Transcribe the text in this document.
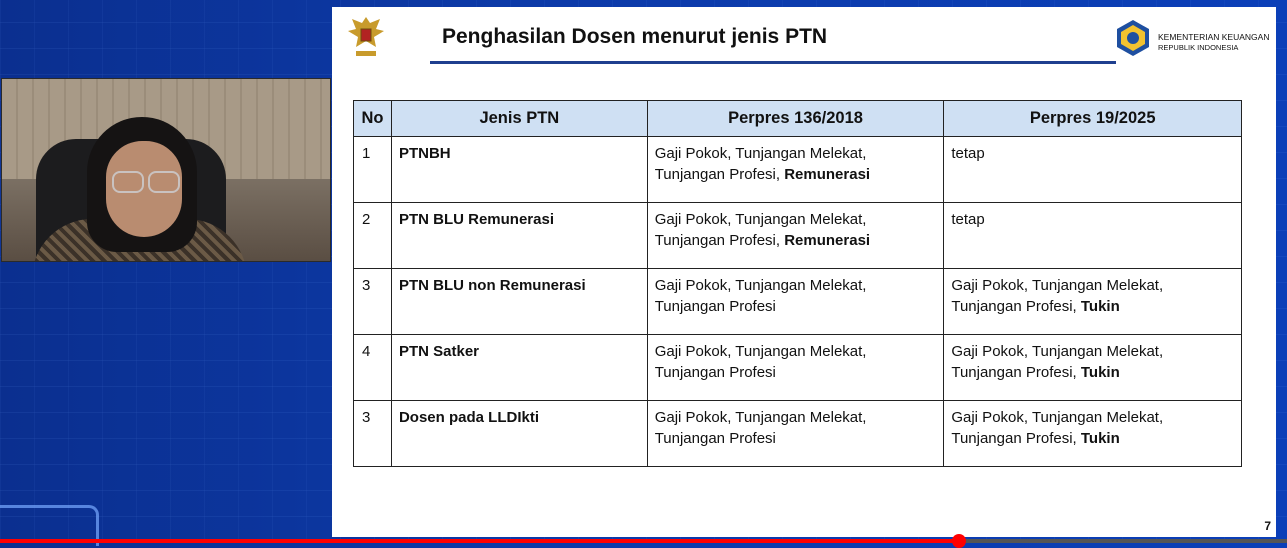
Penghasilan Dosen menurut jenis PTN	KEMENTERIAN KEUANGAN
REPUBLIK INDONESIA
No	Jenis PTN	Perpres 136/2018	Perpres 19/2025
1	PTNBH	Gaji Pokok, Tunjangan Melekat,
Tunjangan Profesi, Remunerasi	tetap
2	PTN BLU Remunerasi	Gaji Pokok, Tunjangan Melekat,
Tunjangan Profesi, Remunerasi	tetap
3	PTN BLU non Remunerasi	Gaji Pokok, Tunjangan Melekat,
Tunjangan Profesi	Gaji Pokok, Tunjangan Melekat,
Tunjangan Profesi, Tukin
4	PTN Satker	Gaji Pokok, Tunjangan Melekat,
Tunjangan Profesi	Gaji Pokok, Tunjangan Melekat,
Tunjangan Profesi, Tukin
3	Dosen pada LLDIkti	Gaji Pokok, Tunjangan Melekat,
Tunjangan Profesi	Gaji Pokok, Tunjangan Melekat,
Tunjangan Profesi, Tukin
7
